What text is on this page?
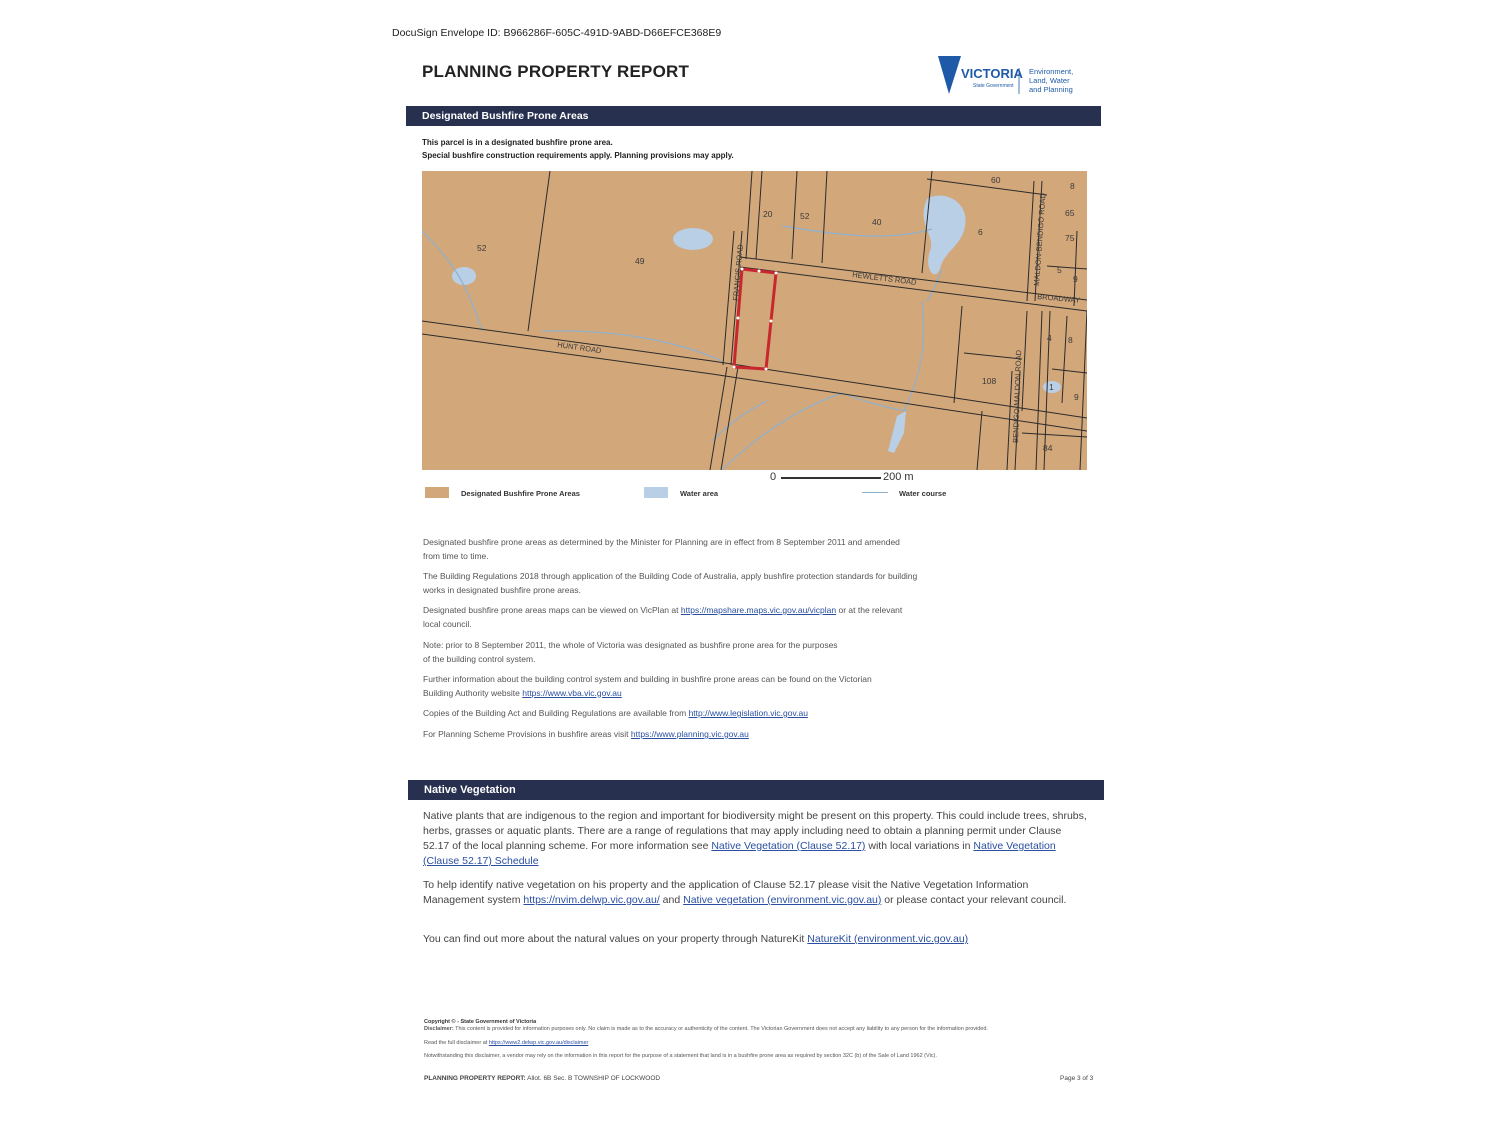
DocuSign Envelope ID: B966286F-605C-491D-9ABD-D66EFCE368E9
PLANNING PROPERTY REPORT	VICTORIA
State Government
Environment,
Land, Water
and Planning
Designated Bushfire Prone Areas
This parcel is in a designated bushfire prone area.
Special bushfire construction requirements apply. Planning provisions may apply.
HUNT ROAD
HEWLETTS ROAD
FRANCIS ROAD
BENDIGO-MALDON ROAD
MALDON-BENDIGO ROAD
BROADWAY
52
49
20	52
40
60
8
65
75
6
5
9
4 8
108
1
9
84
0	200 m
Designated Bushfire Prone Areas	Water area	Water course
Designated bushfire prone areas as determined by the Minister for Planning are in effect from 8 September 2011 and amended from time to time.
The Building Regulations 2018 through application of the Building Code of Australia, apply bushfire protection standards for building works in designated bushfire prone areas.
Designated bushfire prone areas maps can be viewed on VicPlan at https://mapshare.maps.vic.gov.au/vicplan or at the relevant local council.
Note: prior to 8 September 2011, the whole of Victoria was designated as bushfire prone area for the purposes of the building control system.
Further information about the building control system and building in bushfire prone areas can be found on the Victorian Building Authority website https://www.vba.vic.gov.au
Copies of the Building Act and Building Regulations are available from http://www.legislation.vic.gov.au
For Planning Scheme Provisions in bushfire areas visit https://www.planning.vic.gov.au
Native Vegetation
Native plants that are indigenous to the region and important for biodiversity might be present on this property. This could include trees, shrubs, herbs, grasses or aquatic plants. There are a range of regulations that may apply including need to obtain a planning permit under Clause 52.17 of the local planning scheme. For more information see Native Vegetation (Clause 52.17) with local variations in Native Vegetation (Clause 52.17) Schedule
To help identify native vegetation on his property and the application of Clause 52.17 please visit the Native Vegetation Information Management system https://nvim.delwp.vic.gov.au/ and Native vegetation (environment.vic.gov.au) or please contact your relevant council.
You can find out more about the natural values on your property through NatureKit NatureKit (environment.vic.gov.au)
Copyright © - State Government of Victoria
Disclaimer: This content is provided for information purposes only. No claim is made as to the accuracy or authenticity of the content. The Victorian Government does not accept any liability to any person for the information provided.
Read the full disclaimer at https://www2.delwp.vic.gov.au/disclaimer
Notwithstanding this disclaimer, a vendor may rely on the information in this report for the purpose of a statement that land is in a bushfire prone area as required by section 32C (b) of the Sale of Land 1962 (Vic).
PLANNING PROPERTY REPORT: Allot. 6B Sec. B TOWNSHIP OF LOCKWOOD	Page 3 of 3
